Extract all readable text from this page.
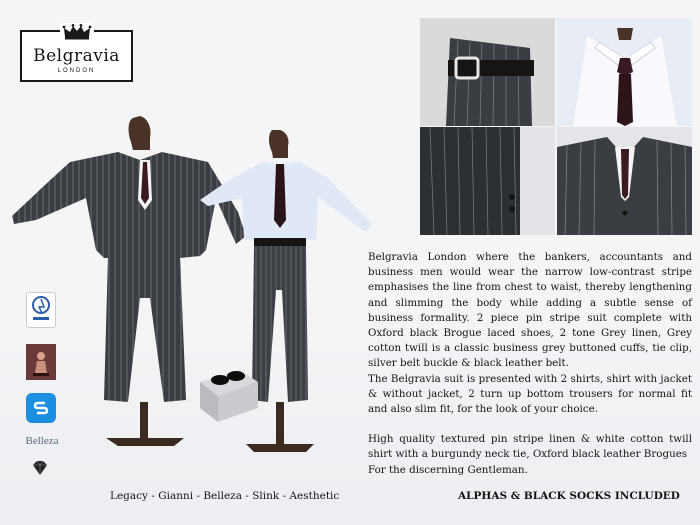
Belgravia
LONDON

Belgravia London where the bankers, accountants and business men would wear the narrow low-contrast stripe emphasises the line from chest to waist, thereby lengthening and slimming the body while adding a subtle sense of business formality. 2 piece pin stripe suit complete with Oxford black Brogue laced shoes, 2 tone Grey linen, Grey cotton twill is a classic business grey buttoned cuffs, tie clip, silver belt buckle & black leather belt.

The Belgravia suit is presented with 2 shirts, shirt with jacket & without jacket, 2 turn up bottom trousers for normal fit and also slim fit, for the look of your choice.

High quality textured pin stripe linen & white cotton twill shirt with a burgundy neck tie, Oxford black leather Brogues

For the discerning Gentleman.

Belleza
Legacy - Gianni - Belleza - Slink - Aesthetic	ALPHAS & BLACK SOCKS INCLUDED
